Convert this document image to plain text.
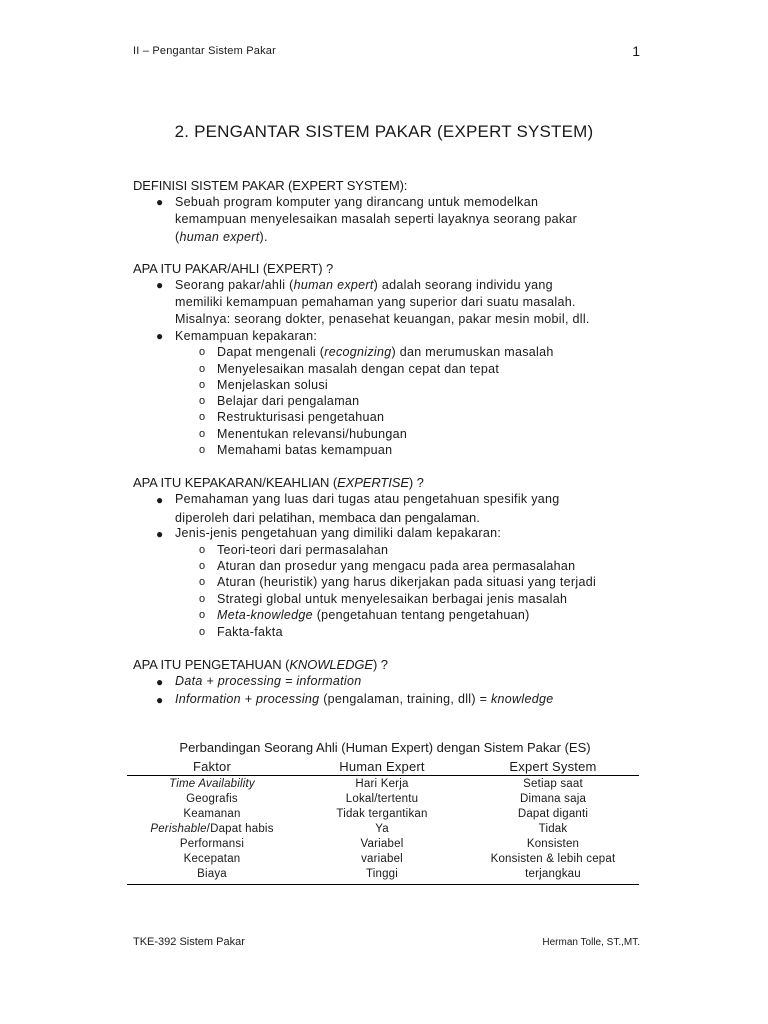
II – Pengantar Sistem Pakar	1
2. PENGANTAR SISTEM PAKAR (EXPERT SYSTEM)
DEFINISI SISTEM PAKAR (EXPERT SYSTEM):
● Sebuah program komputer yang dirancang untuk memodelkan
kemampuan menyelesaikan masalah seperti layaknya seorang pakar
(human expert).
APA ITU PAKAR/AHLI (EXPERT) ?
● Seorang pakar/ahli (human expert) adalah seorang individu yang
memiliki kemampuan pemahaman yang superior dari suatu masalah.
Misalnya: seorang dokter, penasehat keuangan, pakar mesin mobil, dll.
● Kemampuan kepakaran:
o Dapat mengenali (recognizing) dan merumuskan masalah
o Menyelesaikan masalah dengan cepat dan tepat
o Menjelaskan solusi
o Belajar dari pengalaman
o Restrukturisasi pengetahuan
o Menentukan relevansi/hubungan
o Memahami batas kemampuan
APA ITU KEPAKARAN/KEAHLIAN (EXPERTISE) ?
● Pemahaman yang luas dari tugas atau pengetahuan spesifik yang
diperoleh dari pelatihan, membaca dan pengalaman.
● Jenis-jenis pengetahuan yang dimiliki dalam kepakaran:
o Teori-teori dari permasalahan
o Aturan dan prosedur yang mengacu pada area permasalahan
o Aturan (heuristik) yang harus dikerjakan pada situasi yang terjadi
o Strategi global untuk menyelesaikan berbagai jenis masalah
o Meta-knowledge (pengetahuan tentang pengetahuan)
o Fakta-fakta
APA ITU PENGETAHUAN (KNOWLEDGE) ?
● Data + processing = information
● Information + processing (pengalaman, training, dll) = knowledge
Perbandingan Seorang Ahli (Human Expert) dengan Sistem Pakar (ES)
Faktor	Human Expert	Expert System
Time Availability	Hari Kerja	Setiap saat
Geografis	Lokal/tertentu	Dimana saja
Keamanan	Tidak tergantikan	Dapat diganti
Perishable/Dapat habis	Ya	Tidak
Performansi	Variabel	Konsisten
Kecepatan	variabel	Konsisten & lebih cepat
Biaya	Tinggi	terjangkau
TKE-392 Sistem Pakar	Herman Tolle, ST.,MT.
